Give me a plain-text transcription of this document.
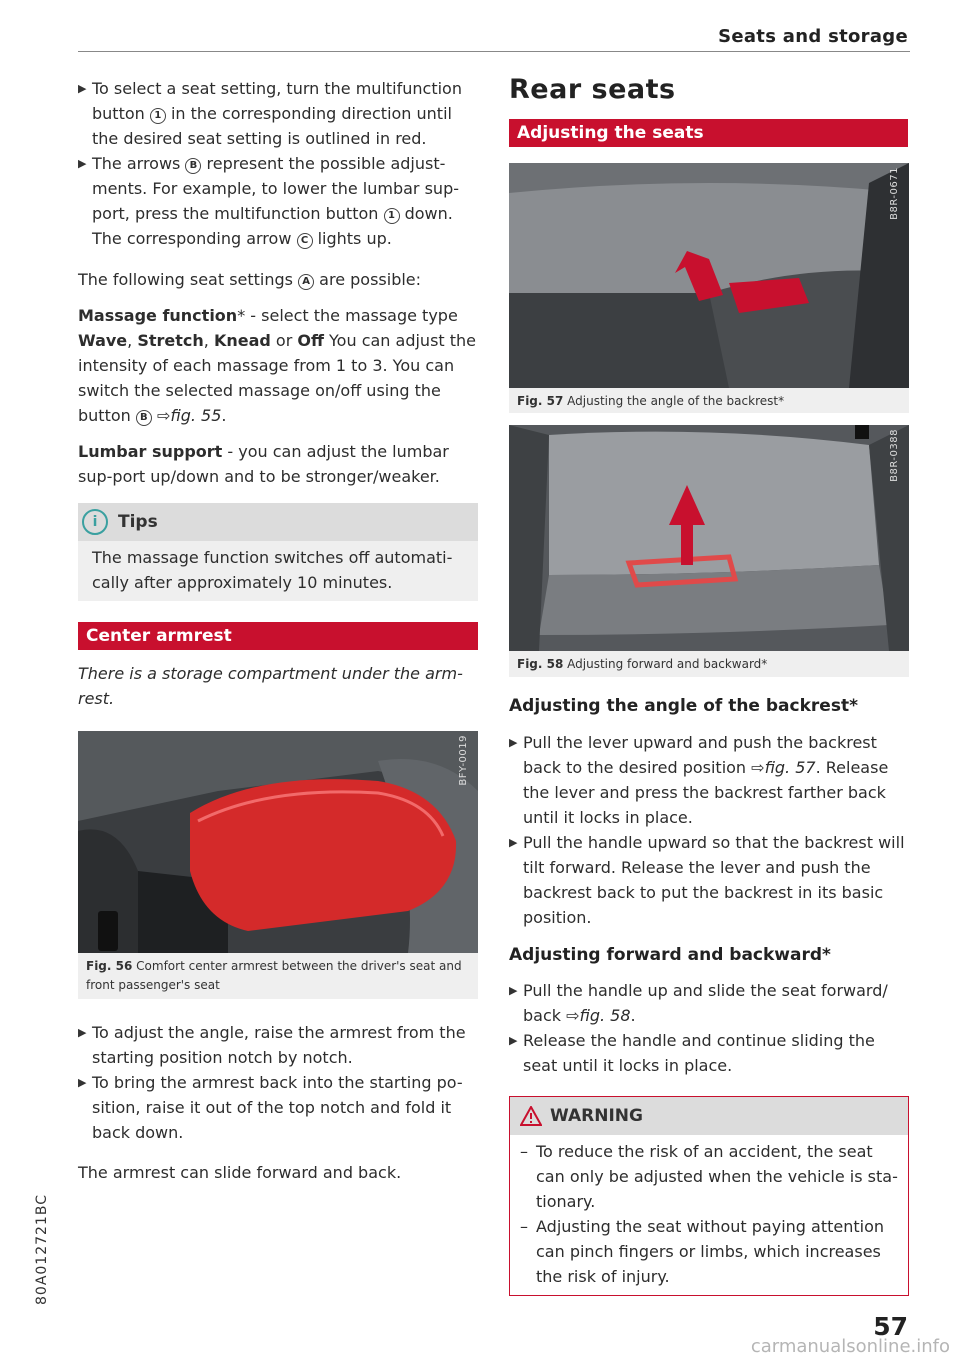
Seats and storage

▶ To select a seat setting, turn the multifunction button 1 in the corresponding direction until the desired seat setting is outlined in red.

▶ The arrows B represent the possible adjust-ments. For example, to lower the lumbar sup-port, press the multifunction button 1 down. The corresponding arrow C lights up.

The following seat settings A are possible:

Massage function* - select the massage type Wave, Stretch, Knead or Off You can adjust the intensity of each massage from 1 to 3. You can switch the selected massage on/off using the button B ⇨fig. 55.

Lumbar support - you can adjust the lumbar sup-port up/down and to be stronger/weaker.

i Tips

The massage function switches off automati-cally after approximately 10 minutes.

Center armrest

There is a storage compartment under the arm-rest.

BFY-0019
Fig. 56 Comfort center armrest between the driver's seat and front passenger's seat

▶ To adjust the angle, raise the armrest from the starting position notch by notch.

▶ To bring the armrest back into the starting po-sition, raise it out of the top notch and fold it back down.

The armrest can slide forward and back.

Rear seats
Adjusting the seats
B8R-0671
Fig. 57 Adjusting the angle of the backrest*
B8R-0388
Fig. 58 Adjusting forward and backward*
Adjusting the angle of the backrest*

▶ Pull the lever upward and push the backrest back to the desired position ⇨fig. 57. Release the lever and press the backrest farther back until it locks in place.

▶ Pull the handle upward so that the backrest will tilt forward. Release the lever and push the backrest back to put the backrest in its basic position.

Adjusting forward and backward*

▶ Pull the handle up and slide the seat forward/ back ⇨fig. 58.

▶ Release the handle and continue sliding the seat until it locks in place.

WARNING

– To reduce the risk of an accident, the seat can only be adjusted when the vehicle is sta-tionary.

– Adjusting the seat without paying attention can pinch fingers or limbs, which increases the risk of injury.

80A012721BC
57
carmanualsonline.info
